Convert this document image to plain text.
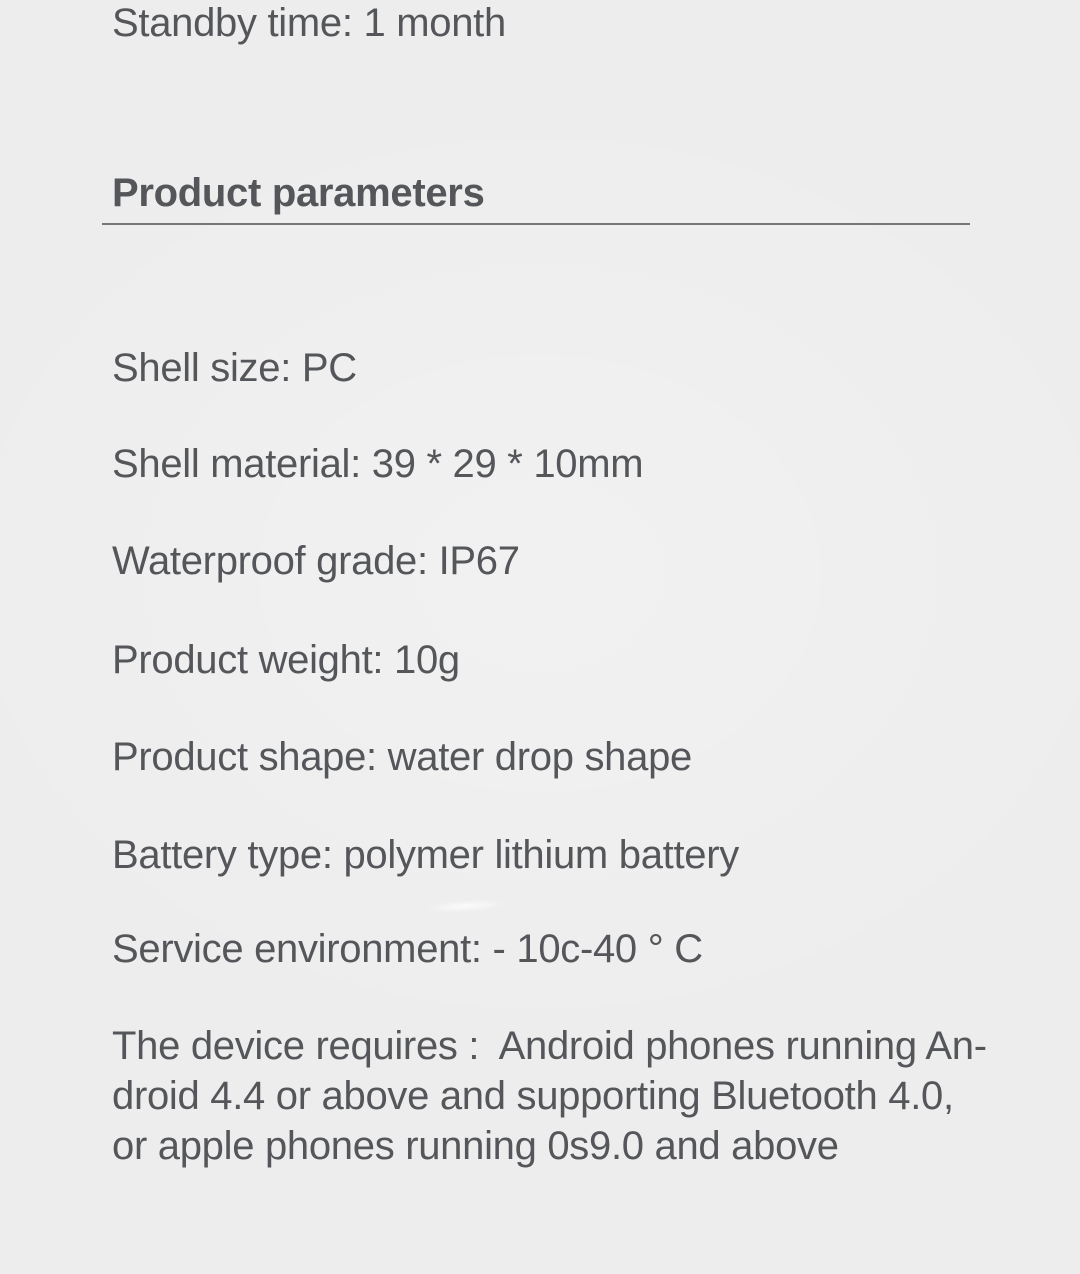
Product parameters
Shell size: PC
Shell material: 39 * 29 * 10mm
Waterproof grade: IP67
Product weight: 10g
Product shape: water drop shape
Battery type: polymer lithium battery
Service environment: - 10c-40 ° C
Standby time: 1 month
The device requires :  Android phones running An-
droid 4.4 or above and supporting Bluetooth 4.0,
or apple phones running 0s9.0 and above
